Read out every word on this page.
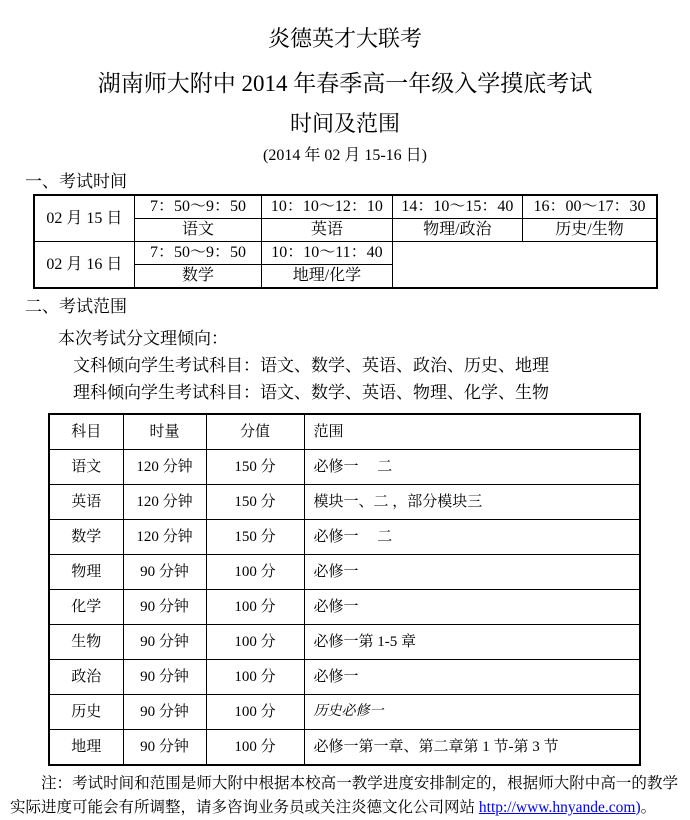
炎德英才大联考
湖南师大附中 2014 年春季高一年级入学摸底考试
时间及范围
(2014 年 02 月 15-16 日)
一、考试时间
02 月 15 日	7：50～9：50	10：10～12：10	14：10～15：40	16：00～17：30
	语文	英语	物理/政治	历史/生物
02 月 16 日	7：50～9：50	10：10～11：40		
	数学	地理/化学		
二、考试范围
本次考试分文理倾向：
文科倾向学生考试科目：语文、数学、英语、政治、历史、地理
理科倾向学生考试科目：语文、数学、英语、物理、化学、生物
科目	时量	分值	范围
语文	120 分钟	150 分	必修一　 二
英语	120 分钟	150 分	模块一、二 ，部分模块三
数学	120 分钟	150 分	必修一　 二
物理	90 分钟	100 分	必修一
化学	90 分钟	100 分	必修一
生物	90 分钟	100 分	必修一第 1-5 章
政治	90 分钟	100 分	必修一
历史	90 分钟	100 分	历史必修一
地理	90 分钟	100 分	必修一第一章、第二章第 1 节-第 3 节
注：考试时间和范围是师大附中根据本校高一教学进度安排制定的，根据师大附中高一的教学实际进度可能会有所调整，请多咨询业务员或关注炎德文化公司网站 http://www.hnyande.com)。
